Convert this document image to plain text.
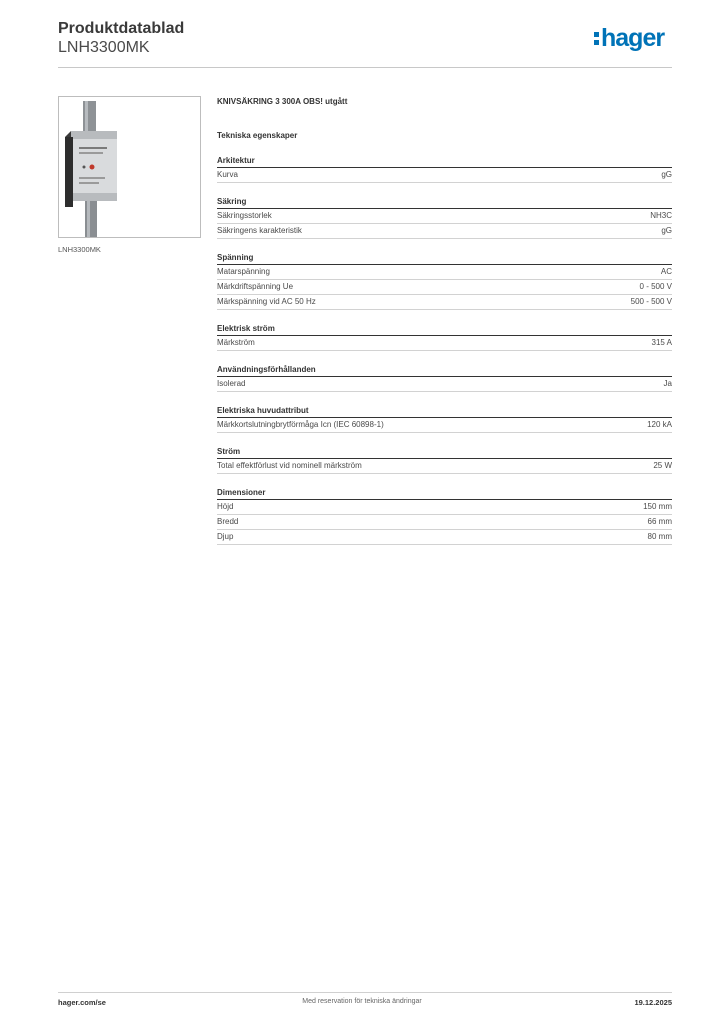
Produktdatablad
LNH3300MK	hager
LNH3300MK
KNIVSÄKRING 3 300A OBS! utgått
Tekniska egenskaper
Arkitektur
Kurva	gG
Säkring
Säkringsstorlek	NH3C
Säkringens karakteristik	gG
Spänning
Matarspänning	AC
Märkdriftspänning Ue	0 - 500 V
Märkspänning vid AC 50 Hz	500 - 500 V
Elektrisk ström
Märkström	315 A
Användningsförhållanden
Isolerad	Ja
Elektriska huvudattribut
Märkkortslutningbrytförmåga Icn (IEC 60898-1)	120 kA
Ström
Total effektförlust vid nominell märkström	25 W
Dimensioner
Höjd	150 mm
Bredd	66 mm
Djup	80 mm
hager.com/se	Med reservation för tekniska ändringar	19.12.2025
